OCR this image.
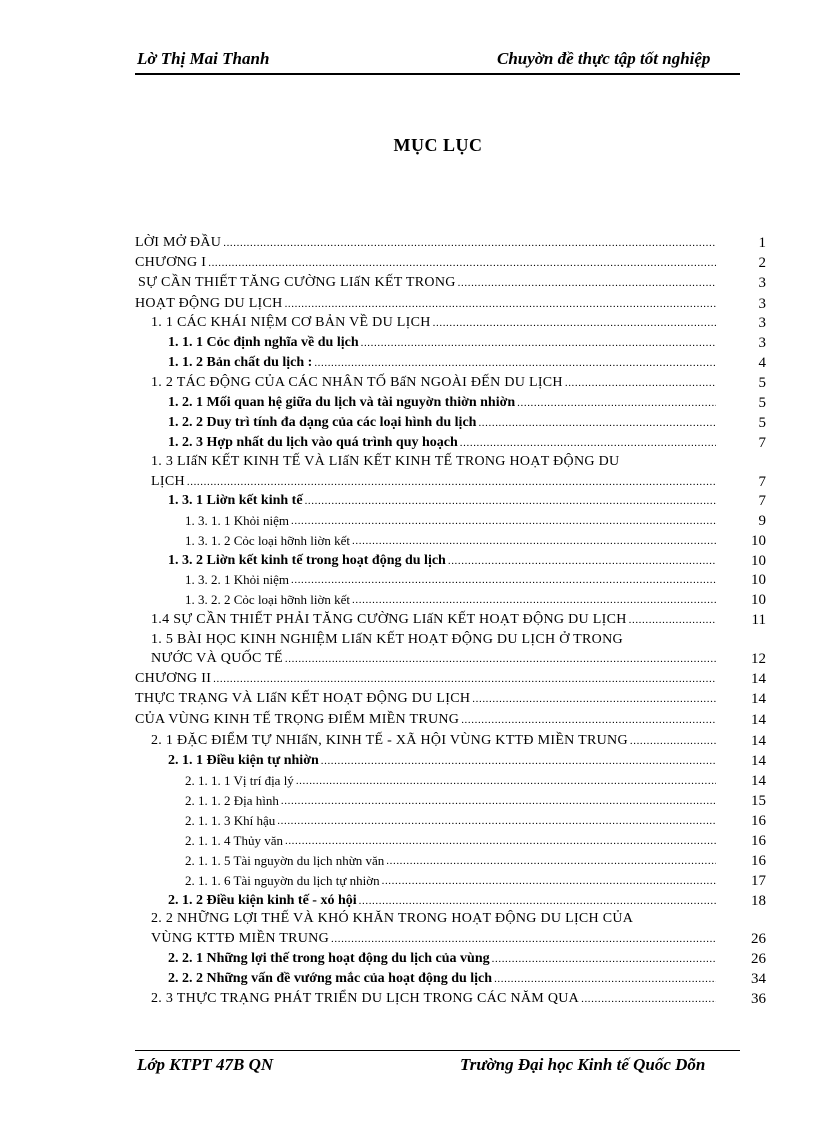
Lờ Thị Mai Thanh	Chuyờn đề thực tập tốt nghiệp
MỤC LỤC
LỜI MỞ ĐẦU .....	1
CHƯƠNG I .....	2
SỰ CẦN THIẾT TĂNG CƯỜNG LIấN KẾT TRONG .....	3
HOẠT ĐỘNG DU LỊCH .....	3
1. 1 CÁC KHÁI NIỆM CƠ BẢN VỀ DU LỊCH .....	3
1. 1. 1 Cỏc định nghĩa về du lịch .....	3
1. 1. 2 Bản chất du lịch : .....	4
1. 2 TÁC ĐỘNG CỦA CÁC NHÂN TỐ BấN NGOÀI ĐẾN DU LỊCH .....	5
1. 2. 1 Mối quan hệ giữa du lịch và tài nguyờn thiờn nhiờn .....	5
1. 2. 2 Duy trì tính đa dạng của các loại hình du lịch .....	5
1. 2. 3 Hợp nhất du lịch vào quá trình quy hoạch .....	7
1. 3 LIấN KẾT KINH TẾ VÀ LIấN KẾT KINH TẾ TRONG HOẠT ĐỘNG DU
LỊCH .....	7
1. 3. 1 Liờn kết kinh tế .....	7
1. 3. 1. 1 Khỏi niệm .....	9
1. 3. 1. 2 Cỏc loại hỡnh liờn kết .....	10
1. 3. 2 Liờn kết kinh tế trong hoạt động du lịch .....	10
1. 3. 2. 1 Khỏi niệm .....	10
1. 3. 2. 2 Cỏc loại hỡnh liờn kết .....	10
1.4 SỰ CẦN THIẾT PHẢI TĂNG CƯỜNG LIấN KẾT HOẠT ĐỘNG DU LỊCH .....	11
1. 5 BÀI HỌC KINH NGHIỆM LIấN KẾT HOẠT ĐỘNG DU LỊCH Ở TRONG
NƯỚC VÀ QUỐC TẾ .....	12
CHƯƠNG II .....	14
THỰC TRẠNG VÀ LIấN KẾT HOẠT ĐỘNG DU LỊCH .....	14
CỦA VÙNG KINH TẾ TRỌNG ĐIỂM MIỀN TRUNG .....	14
2. 1 ĐẶC ĐIỂM TỰ NHIấN, KINH TẾ - XÃ HỘI VÙNG KTTĐ MIỀN TRUNG .....	14
2. 1. 1 Điều kiện tự nhiờn .....	14
2. 1. 1. 1 Vị trí địa lý .....	14
2. 1. 1. 2 Địa hình .....	15
2. 1. 1. 3 Khí hậu .....	16
2. 1. 1. 4 Thủy văn .....	16
2. 1. 1. 5 Tài nguyờn du lịch nhừn văn .....	16
2. 1. 1. 6 Tài nguyờn du lịch tự nhiờn .....	17
2. 1. 2 Điều kiện kinh tế - xó hội .....	18
2. 2 NHỮNG LỢI THẾ VÀ KHÓ KHĂN TRONG HOẠT ĐỘNG DU LỊCH CỦA
VÙNG KTTĐ MIỀN TRUNG .....	26
2. 2. 1 Những lợi thế trong hoạt động du lịch của vùng .....	26
2. 2. 2 Những vấn đề vướng mắc của hoạt động du lịch .....	34
2. 3 THỰC TRẠNG PHÁT TRIỂN DU LỊCH TRONG CÁC NĂM QUA .....	36
Lớp KTPT 47B QN	Trường Đại học Kinh tế Quốc Dõn
